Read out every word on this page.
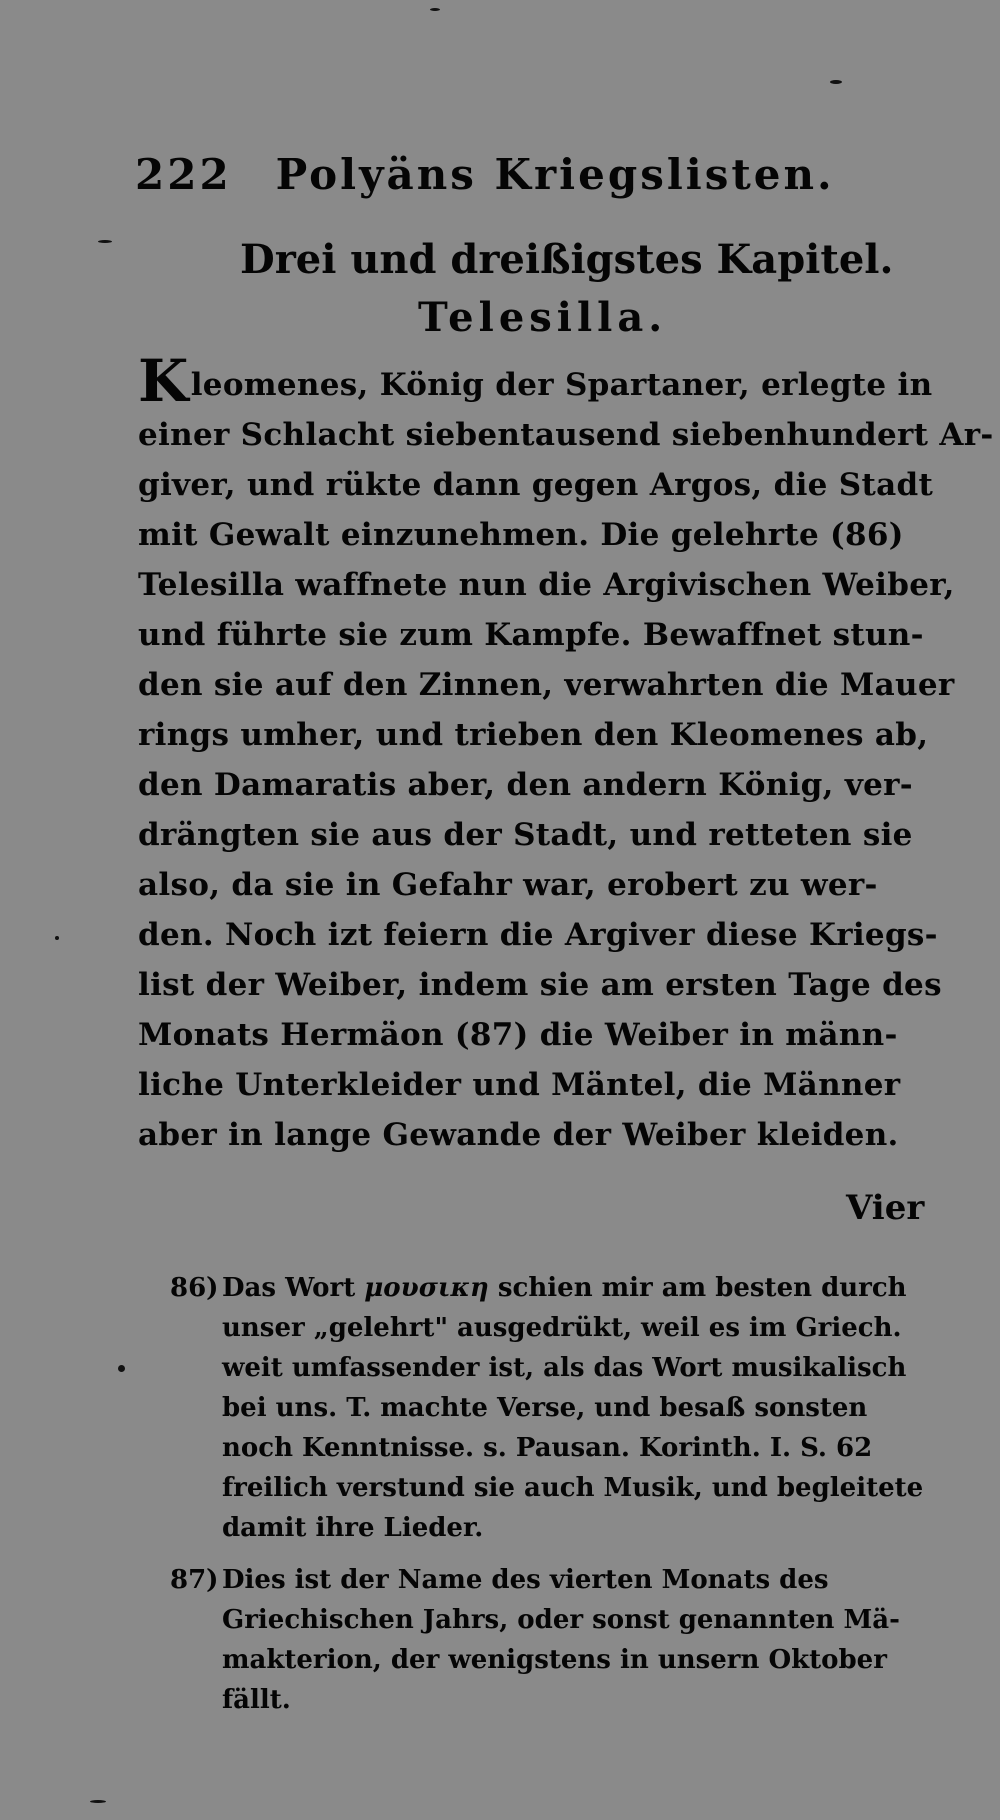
222 Polyäns Kriegslisten.
Drei und dreißigstes Kapitel.
Telesilla.
Kleomenes, König der Spartaner, erlegte in
einer Schlacht siebentausend siebenhundert Ar-
giver, und rükte dann gegen Argos, die Stadt
mit Gewalt einzunehmen. Die gelehrte (86)
Telesilla waffnete nun die Argivischen Weiber,
und führte sie zum Kampfe. Bewaffnet stun-
den sie auf den Zinnen, verwahrten die Mauer
rings umher, und trieben den Kleomenes ab,
den Damaratis aber, den andern König, ver-
drängten sie aus der Stadt, und retteten sie
also, da sie in Gefahr war, erobert zu wer-
den. Noch izt feiern die Argiver diese Kriegs-
list der Weiber, indem sie am ersten Tage des
Monats Hermäon (87) die Weiber in männ-
liche Unterkleider und Mäntel, die Männer
aber in lange Gewande der Weiber kleiden.
Vier
86) Das Wort μουσικη schien mir am besten durch
unser „gelehrt" ausgedrükt, weil es im Griech.
weit umfassender ist, als das Wort musikalisch
bei uns. T. machte Verse, und besaß sonsten
noch Kenntnisse. s. Pausan. Korinth. I. S. 62
freilich verstund sie auch Musik, und begleitete
damit ihre Lieder.
87) Dies ist der Name des vierten Monats des
Griechischen Jahrs, oder sonst genannten Mä-
makterion, der wenigstens in unsern Oktober
fällt.
